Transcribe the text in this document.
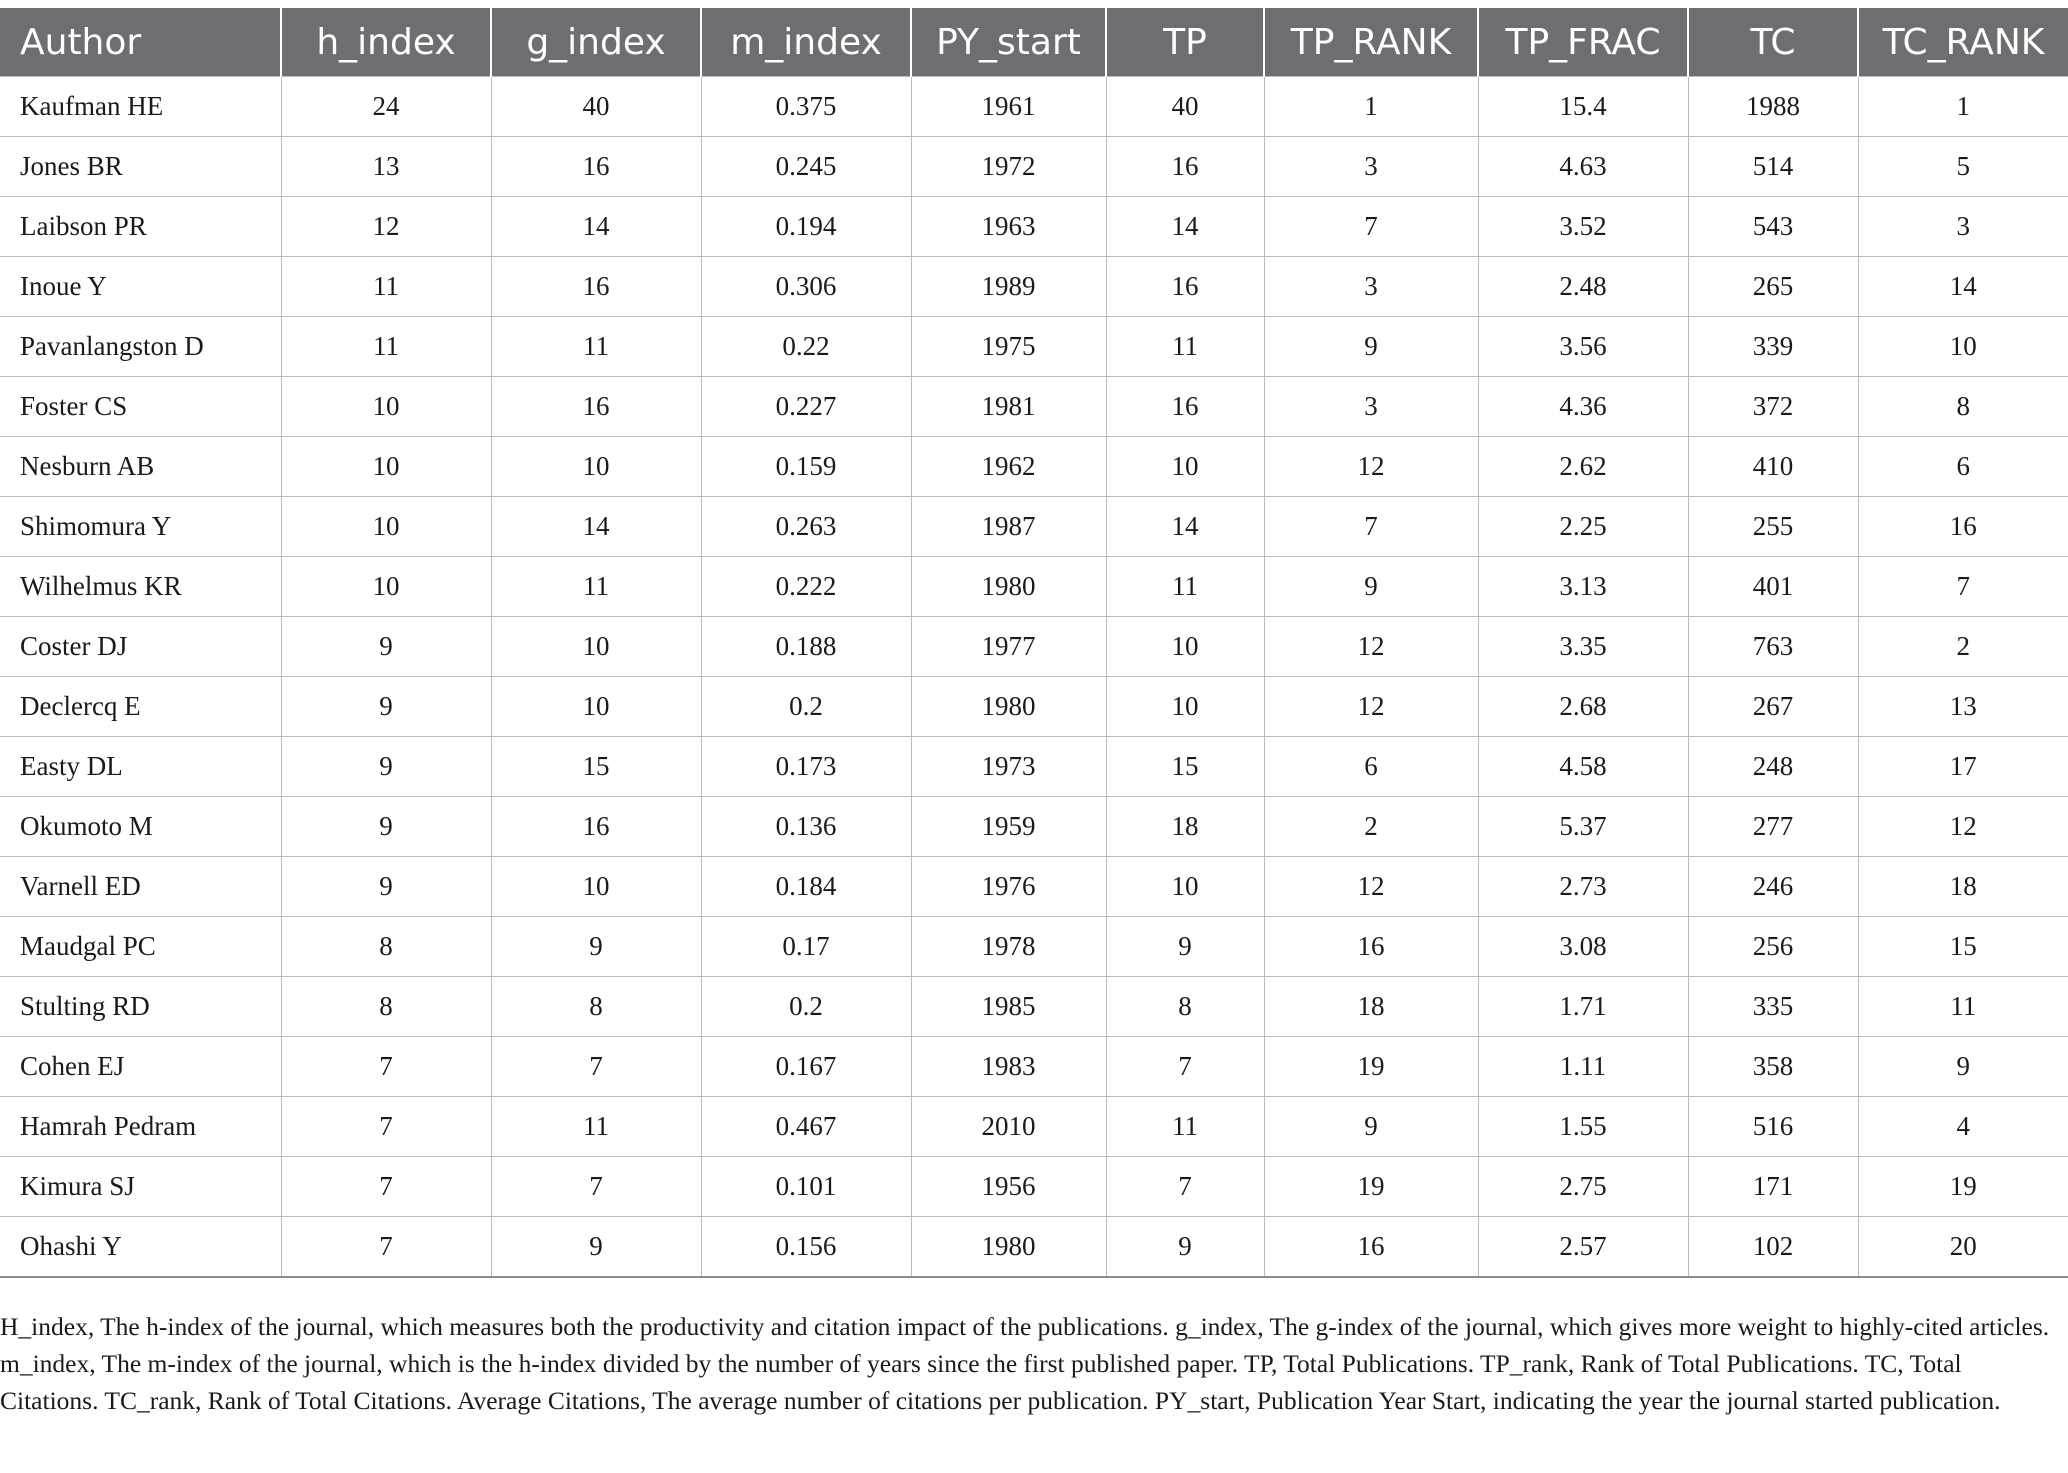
Author	h_index	g_index	m_index	PY_start	TP	TP_RANK	TP_FRAC	TC	TC_RANK
Kaufman HE	24	40	0.375	1961	40	1	15.4	1988	1
Jones BR	13	16	0.245	1972	16	3	4.63	514	5
Laibson PR	12	14	0.194	1963	14	7	3.52	543	3
Inoue Y	11	16	0.306	1989	16	3	2.48	265	14
Pavanlangston D	11	11	0.22	1975	11	9	3.56	339	10
Foster CS	10	16	0.227	1981	16	3	4.36	372	8
Nesburn AB	10	10	0.159	1962	10	12	2.62	410	6
Shimomura Y	10	14	0.263	1987	14	7	2.25	255	16
Wilhelmus KR	10	11	0.222	1980	11	9	3.13	401	7
Coster DJ	9	10	0.188	1977	10	12	3.35	763	2
Declercq E	9	10	0.2	1980	10	12	2.68	267	13
Easty DL	9	15	0.173	1973	15	6	4.58	248	17
Okumoto M	9	16	0.136	1959	18	2	5.37	277	12
Varnell ED	9	10	0.184	1976	10	12	2.73	246	18
Maudgal PC	8	9	0.17	1978	9	16	3.08	256	15
Stulting RD	8	8	0.2	1985	8	18	1.71	335	11
Cohen EJ	7	7	0.167	1983	7	19	1.11	358	9
Hamrah Pedram	7	11	0.467	2010	11	9	1.55	516	4
Kimura SJ	7	7	0.101	1956	7	19	2.75	171	19
Ohashi Y	7	9	0.156	1980	9	16	2.57	102	20

H_index, The h-index of the journal, which measures both the productivity and citation impact of the publications. g_index, The g-index of the journal, which gives more weight to highly-cited articles. m_index, The m-index of the journal, which is the h-index divided by the number of years since the first published paper. TP, Total Publications. TP_rank, Rank of Total Publications. TC, Total Citations. TC_rank, Rank of Total Citations. Average Citations, The average number of citations per publication. PY_start, Publication Year Start, indicating the year the journal started publication.
